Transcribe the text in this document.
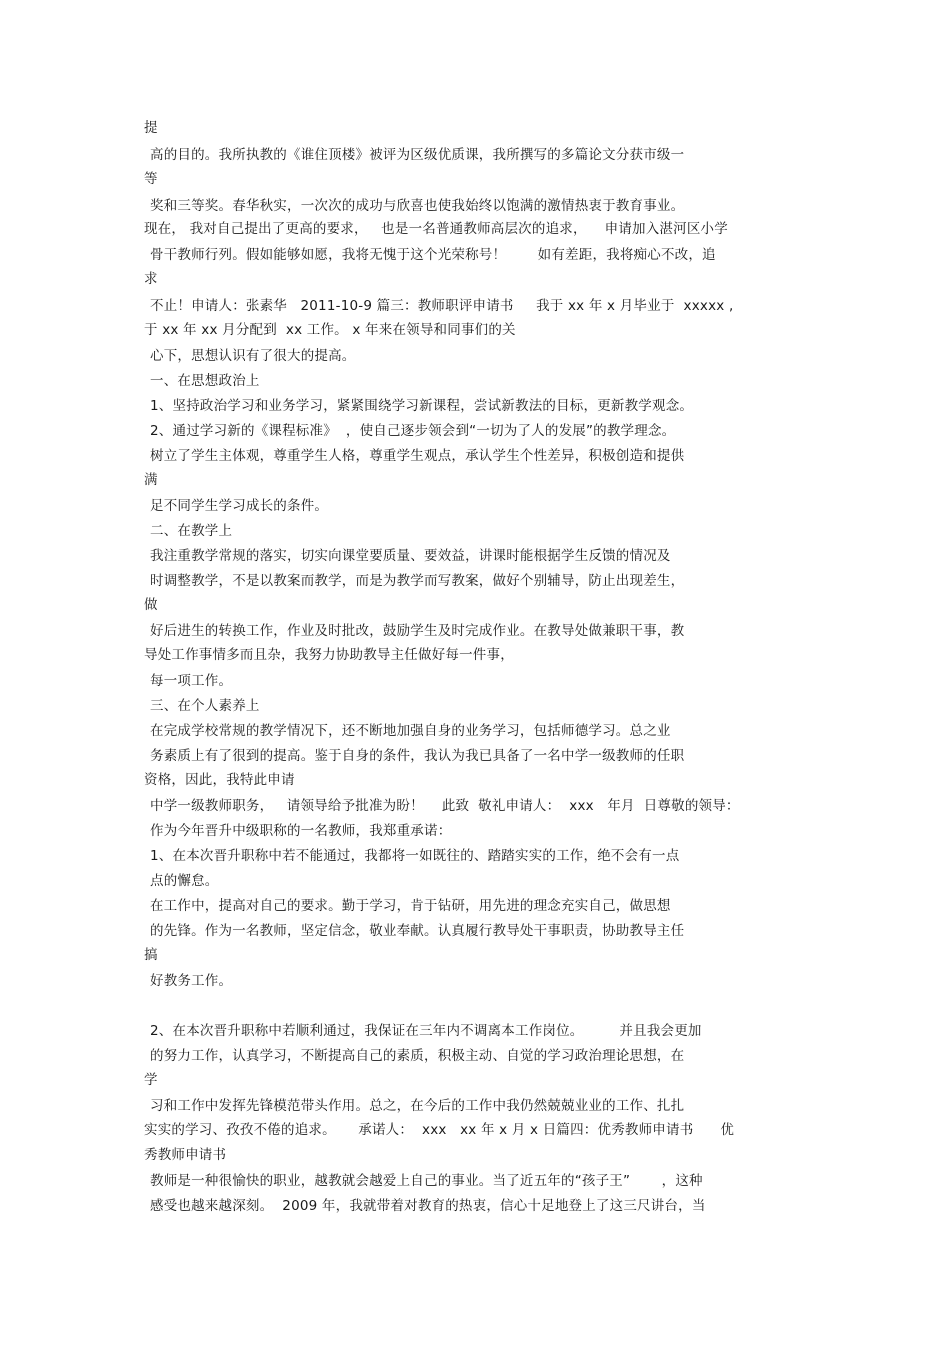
提
高的目的。我所执教的《谁住顶楼》被评为区级优质课，我所撰写的多篇论文分获市级一
等
奖和三等奖。春华秋实，一次次的成功与欣喜也使我始终以饱满的激情热衷于教育事业。
现在， 我对自己提出了更高的要求，   也是一名普通教师高层次的追求，    申请加入湛河区小学
骨干教师行列。假如能够如愿，我将无愧于这个光荣称号！       如有差距，我将痴心不改，追
求
不止！申请人：张素华   2011-10-9 篇三：教师职评申请书     我于 xx 年 x 月毕业于  xxxxx ,
于 xx 年 xx 月分配到  xx 工作。 x 年来在领导和同事们的关
心下，思想认识有了很大的提高。
一、在思想政治上
1、坚持政治学习和业务学习，紧紧围绕学习新课程，尝试新教法的目标，更新教学观念。
2、通过学习新的《课程标准》  ，使自己逐步领会到“一切为了人的发展”的教学理念。
树立了学生主体观，尊重学生人格，尊重学生观点，承认学生个性差异，积极创造和提供
满
足不同学生学习成长的条件。
二、在教学上
我注重教学常规的落实，切实向课堂要质量、要效益，讲课时能根据学生反馈的情况及
时调整教学，不是以教案而教学，而是为教学而写教案，做好个别辅导，防止出现差生，
做
好后进生的转换工作，作业及时批改，鼓励学生及时完成作业。在教导处做兼职干事，教
导处工作事情多而且杂，我努力协助教导主任做好每一件事，
每一项工作。
三、在个人素养上
在完成学校常规的教学情况下，还不断地加强自身的业务学习，包括师德学习。总之业
务素质上有了很到的提高。鉴于自身的条件，我认为我已具备了一名中学一级教师的任职
资格，因此，我特此申请
中学一级教师职务，   请领导给予批准为盼！    此致  敬礼申请人：  xxx   年月  日尊敬的领导：
作为今年晋升中级职称的一名教师，我郑重承诺：
1、在本次晋升职称中若不能通过，我都将一如既往的、踏踏实实的工作，绝不会有一点
点的懈怠。
在工作中，提高对自己的要求。勤于学习，肯于钻研，用先进的理念充实自己，做思想
的先锋。作为一名教师，坚定信念，敬业奉献。认真履行教导处干事职责，协助教导主任
搞
好教务工作。
2、在本次晋升职称中若顺利通过，我保证在三年内不调离本工作岗位。        并且我会更加
的努力工作，认真学习，不断提高自己的素质，积极主动、自觉的学习政治理论思想，在
学
习和工作中发挥先锋模范带头作用。总之，在今后的工作中我仍然兢兢业业的工作、扎扎
实实的学习、孜孜不倦的追求。     承诺人：  xxx   xx 年 x 月 x 日篇四：优秀教师申请书      优
秀教师申请书
教师是一种很愉快的职业，越教就会越爱上自己的事业。当了近五年的“孩子王”       ，这种
感受也越来越深刻。  2009 年，我就带着对教育的热衷，信心十足地登上了这三尺讲台，当
